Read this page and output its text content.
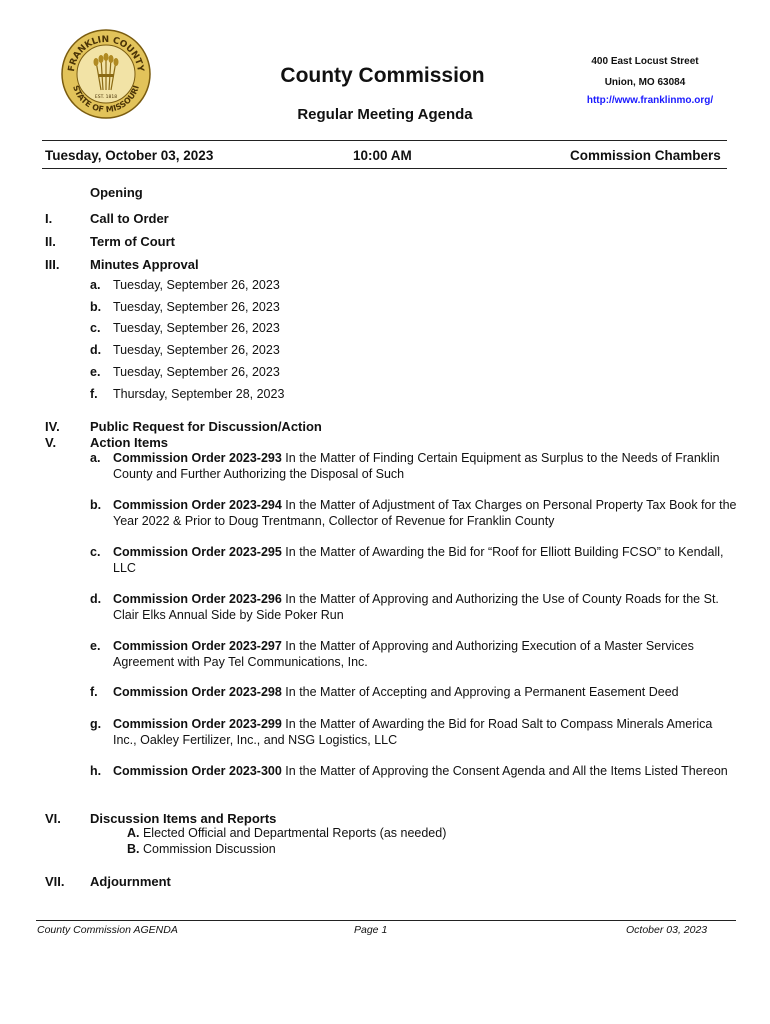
FRANKLIN COUNTY
STATE OF MISSOURI
EST. 1818
County Commission
Regular Meeting Agenda
400 East Locust Street
Union, MO 63084
http://www.franklinmo.org/
Tuesday, October 03, 2023	10:00 AM	Commission Chambers
Opening
I.	Call to Order
II.	Term of Court
III. Minutes Approval
a. Tuesday, September 26, 2023
b. Tuesday, September 26, 2023
c. Tuesday, September 26, 2023
d. Tuesday, September 26, 2023
e. Tuesday, September 26, 2023
f. Thursday, September 28, 2023
IV. Public Request for Discussion/Action
V.	Action Items
a. Commission Order 2023-293 In the Matter of Finding Certain Equipment as Surplus to the Needs of Franklin County and Further Authorizing the Disposal of Such
b. Commission Order 2023-294 In the Matter of Adjustment of Tax Charges on Personal Property Tax Book for the Year 2022 & Prior to Doug Trentmann, Collector of Revenue for Franklin County
c. Commission Order 2023-295 In the Matter of Awarding the Bid for “Roof for Elliott Building FCSO” to Kendall, LLC
d. Commission Order 2023-296 In the Matter of Approving and Authorizing the Use of County Roads for the St. Clair Elks Annual Side by Side Poker Run
e. Commission Order 2023-297 In the Matter of Approving and Authorizing Execution of a Master Services Agreement with Pay Tel Communications, Inc.
f. Commission Order 2023-298 In the Matter of Accepting and Approving a Permanent Easement Deed
g. Commission Order 2023-299 In the Matter of Awarding the Bid for Road Salt to Compass Minerals America Inc., Oakley Fertilizer, Inc., and NSG Logistics, LLC
h. Commission Order 2023-300 In the Matter of Approving the Consent Agenda and All the Items Listed Thereon
VI. Discussion Items and Reports
A. Elected Official and Departmental Reports (as needed)
B. Commission Discussion
VII. Adjournment
County Commission AGENDA	Page 1	October 03, 2023
